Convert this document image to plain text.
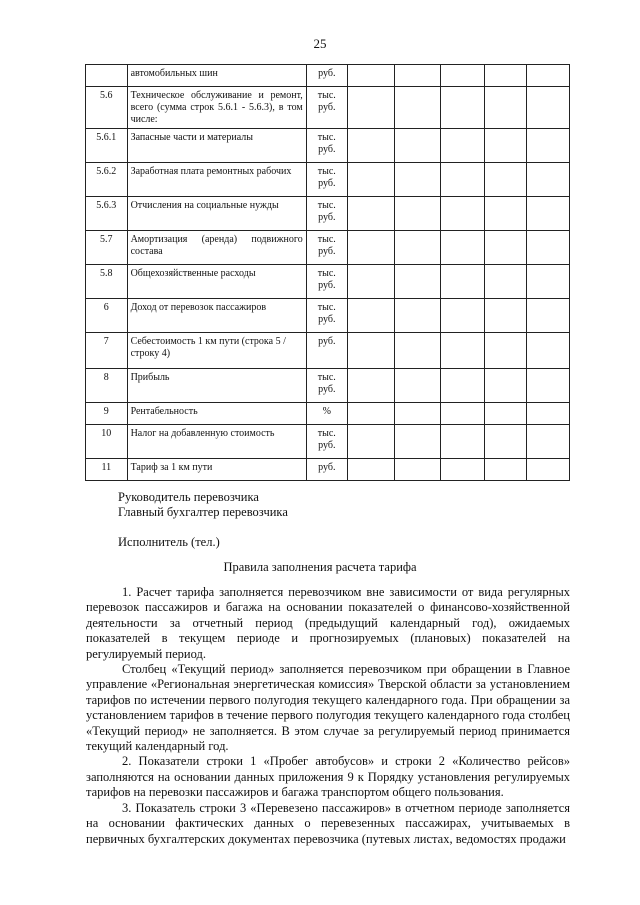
25
	автомобильных шин	руб.					
5.6	Техническое обслуживание и ремонт, всего (сумма строк 5.6.1 - 5.6.3), в том числе:	тыс. руб.					
5.6.1	Запасные части и материалы	тыс. руб.					
5.6.2	Заработная плата ремонтных рабочих	тыс. руб.					
5.6.3	Отчисления на социальные нужды	тыс. руб.					
5.7	Амортизация (аренда) подвижного состава	тыс. руб.					
5.8	Общехозяйственные расходы	тыс. руб.					
6	Доход от перевозок пассажиров	тыс. руб.					
7	Себестоимость 1 км пути (строка 5 / строку 4)	руб.					
8	Прибыль	тыс. руб.					
9	Рентабельность	%					
10	Налог на добавленную стоимость	тыс. руб.					
11	Тариф за 1 км пути	руб.					
Руководитель перевозчика
Главный бухгалтер перевозчика
Исполнитель (тел.)
Правила заполнения расчета тарифа

1. Расчет тарифа заполняется перевозчиком вне зависимости от вида регулярных перевозок пассажиров и багажа на основании показателей о финансово-хозяйственной деятельности за отчетный период (предыдущий календарный год), ожидаемых показателей в текущем периоде и прогнозируемых (плановых) показателей на регулируемый период.

Столбец «Текущий период» заполняется перевозчиком при обращении в Главное управление «Региональная энергетическая комиссия» Тверской области за установлением тарифов по истечении первого полугодия текущего календарного года. При обращении за установлением тарифов в течение первого полугодия текущего календарного года столбец «Текущий период» не заполняется. В этом случае за регулируемый период принимается текущий календарный год.

2. Показатели строки 1 «Пробег автобусов» и строки 2 «Количество рейсов» заполняются на основании данных приложения 9 к Порядку установления регулируемых тарифов на перевозки пассажиров и багажа транспортом общего пользования.

3. Показатель строки 3 «Перевезено пассажиров» в отчетном периоде заполняется на основании фактических данных о перевезенных пассажирах, учитываемых в первичных бухгалтерских документах перевозчика (путевых листах, ведомостях продажи
